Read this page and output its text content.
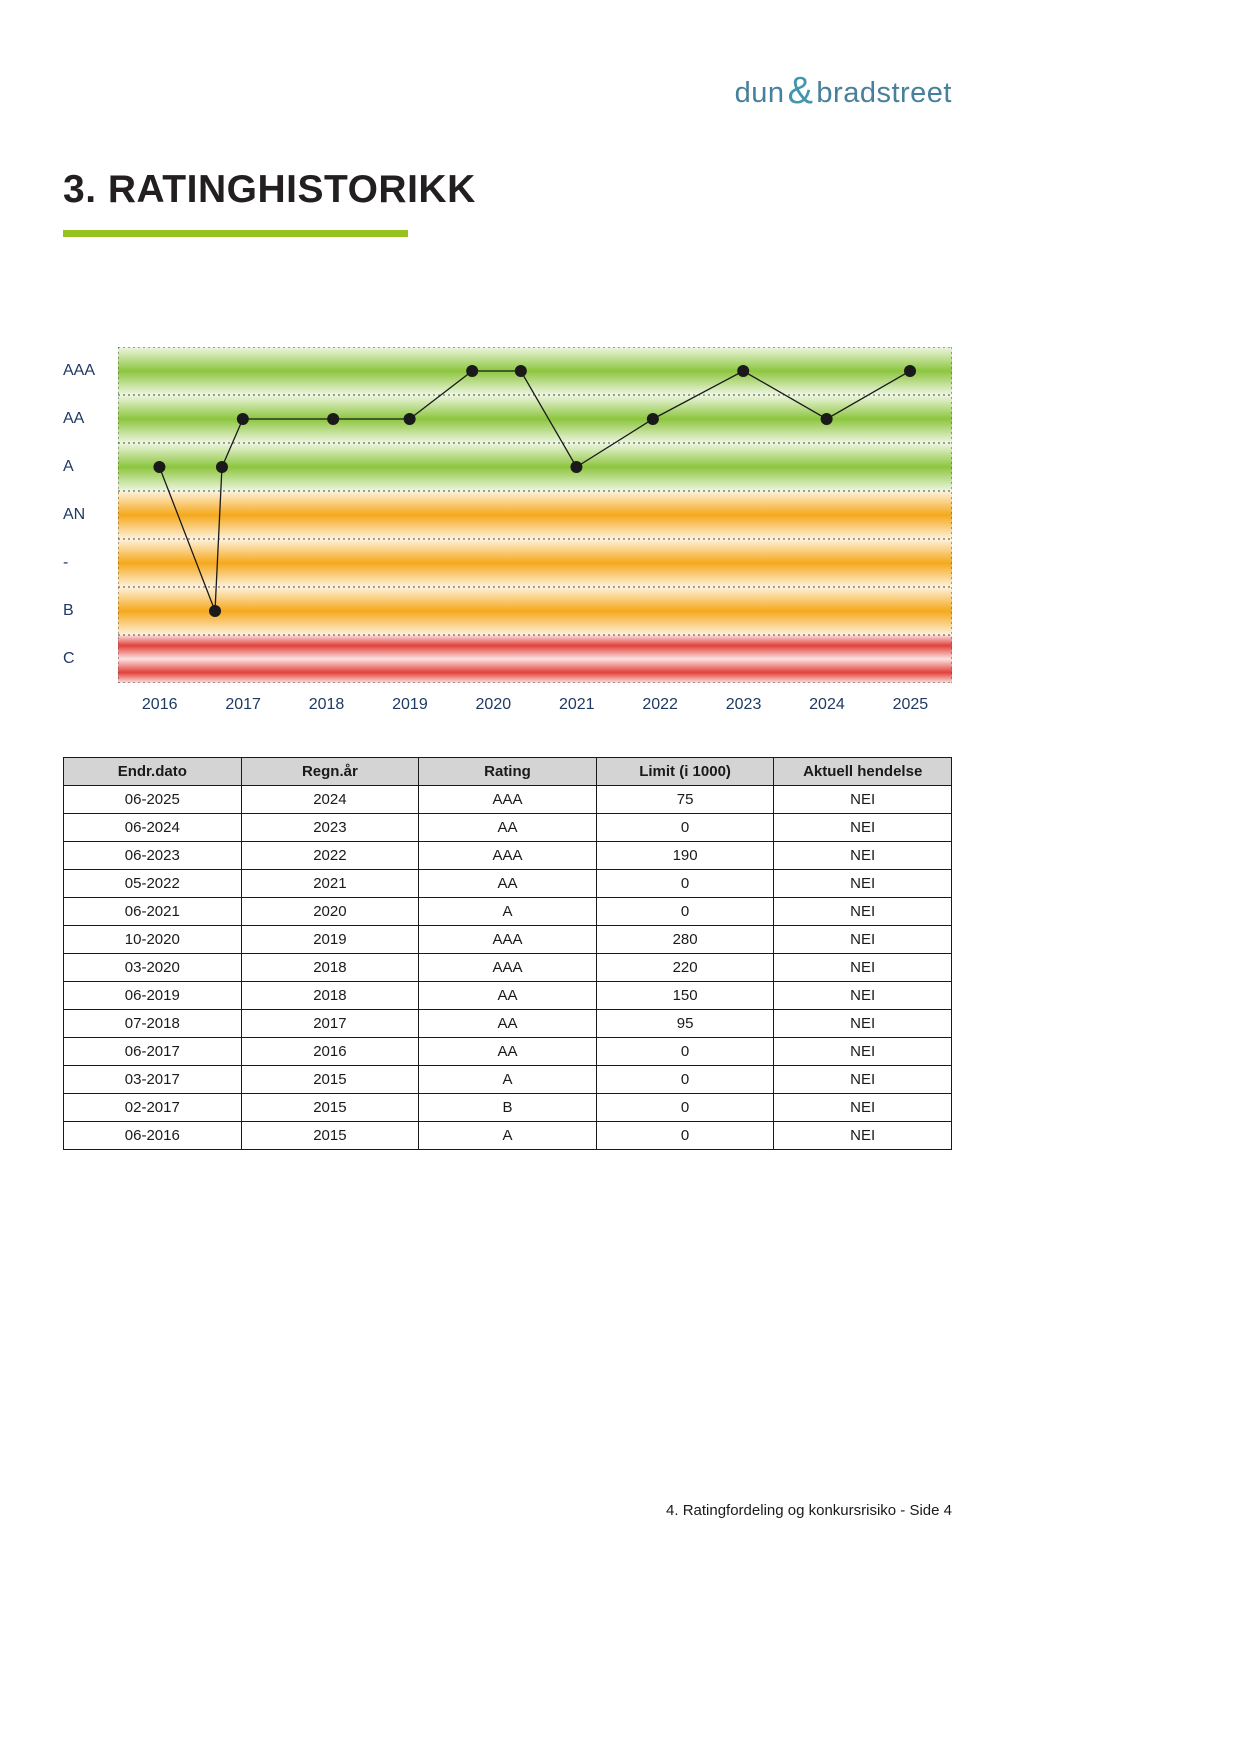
dun & bradstreet
3. RATINGHISTORIKK
AAA
AA
A
AN
-
B
C
2016	2017	2018	2019	2020	2021	2022	2023	2024	2025
Endr.dato	Regn.år	Rating	Limit (i 1000)	Aktuell hendelse
06-2025	2024	AAA	75	NEI
06-2024	2023	AA	0	NEI
06-2023	2022	AAA	190	NEI
05-2022	2021	AA	0	NEI
06-2021	2020	A	0	NEI
10-2020	2019	AAA	280	NEI
03-2020	2018	AAA	220	NEI
06-2019	2018	AA	150	NEI
07-2018	2017	AA	95	NEI
06-2017	2016	AA	0	NEI
03-2017	2015	A	0	NEI
02-2017	2015	B	0	NEI
06-2016	2015	A	0	NEI
4. Ratingfordeling og konkursrisiko - Side 4
